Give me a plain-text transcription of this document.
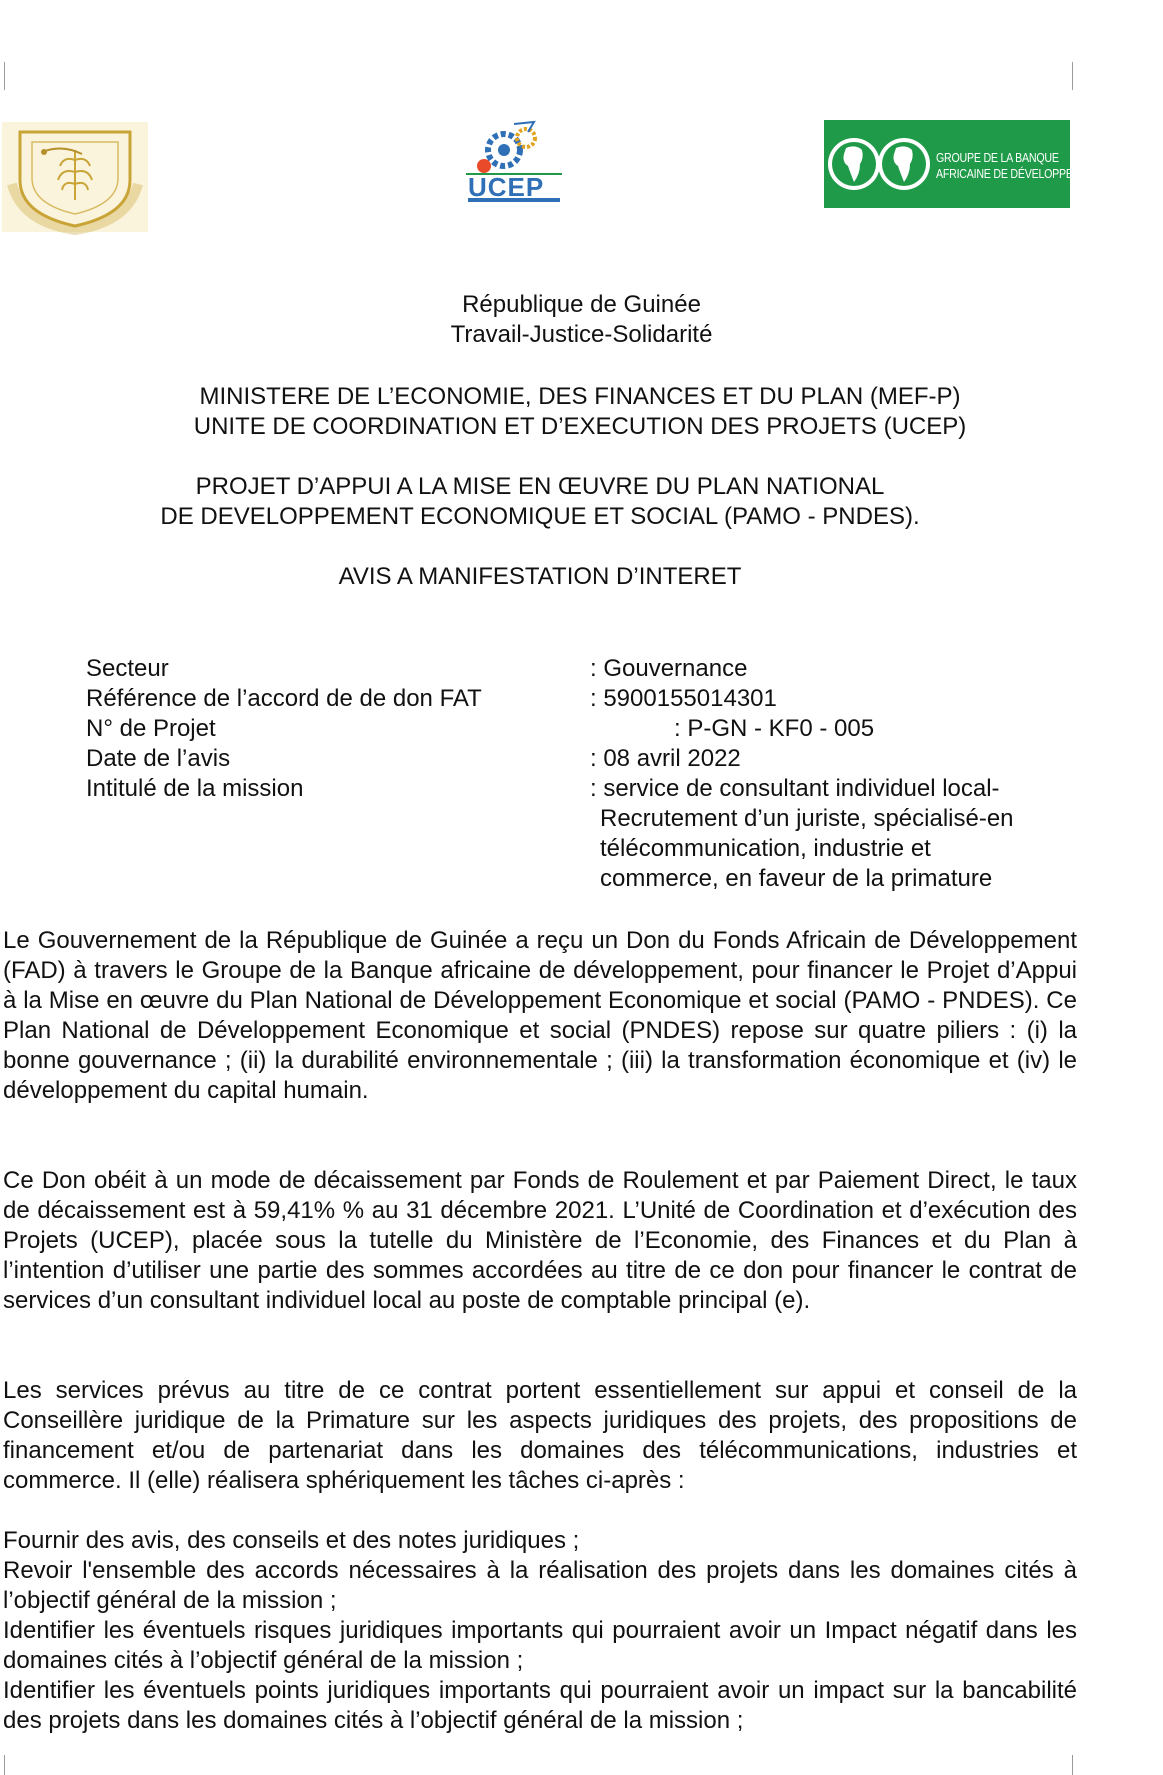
UCEP
GROUPE DE LA BANQUE
AFRICAINE DE DÉVELOPPEMENT
République de Guinée
Travail-Justice-Solidarité
MINISTERE DE L’ECONOMIE, DES FINANCES ET DU PLAN (MEF-P)
UNITE DE COORDINATION ET D’EXECUTION DES PROJETS (UCEP)
PROJET D’APPUI A LA MISE EN ŒUVRE DU PLAN NATIONAL
DE DEVELOPPEMENT ECONOMIQUE ET SOCIAL (PAMO - PNDES).
AVIS A MANIFESTATION D’INTERET
Secteur	: Gouvernance
Référence de l’accord de de don FAT	: 5900155014301
N° de Projet	: P-GN - KF0 - 005
Date de l’avis	: 08 avril 2022
Intitulé de la mission	: service de consultant individuel local-
Recrutement d’un juriste, spécialisé-en
télécommunication, industrie et
commerce, en faveur de la primature

Le Gouvernement de la République de Guinée a reçu un Don du Fonds Africain de Développement (FAD) à travers le Groupe de la Banque africaine de développement, pour financer le Projet d’Appui à la Mise en œuvre du Plan National de Développement Economique et social (PAMO - PNDES). Ce Plan National de Développement Economique et social (PNDES) repose sur quatre piliers : (i) la bonne gouvernance ; (ii) la durabilité environnementale ; (iii) la transformation économique et (iv) le développement du capital humain.

Ce Don obéit à un mode de décaissement par Fonds de Roulement et par Paiement Direct, le taux de décaissement est à 59,41% % au 31 décembre 2021. L’Unité de Coordination et d’exécution des Projets (UCEP), placée sous la tutelle du Ministère de l’Economie, des Finances et du Plan à l’intention d’utiliser une partie des sommes accordées au titre de ce don pour financer le contrat de services d’un consultant individuel local au poste de comptable principal (e).

Les services prévus au titre de ce contrat portent essentiellement sur appui et conseil de la Conseillère juridique de la Primature sur les aspects juridiques des projets, des propositions de financement et/ou de partenariat dans les domaines des télécommunications, industries et commerce. Il (elle) réalisera sphériquement les tâches ci-après :

Fournir des avis, des conseils et des notes juridiques ;

Revoir l'ensemble des accords nécessaires à la réalisation des projets dans les domaines cités à l’objectif général de la mission ;

Identifier les éventuels risques juridiques importants qui pourraient avoir un Impact négatif dans les domaines cités à l’objectif général de la mission ;

Identifier les éventuels points juridiques importants qui pourraient avoir un impact sur la bancabilité des projets dans les domaines cités à l’objectif général de la mission ;
